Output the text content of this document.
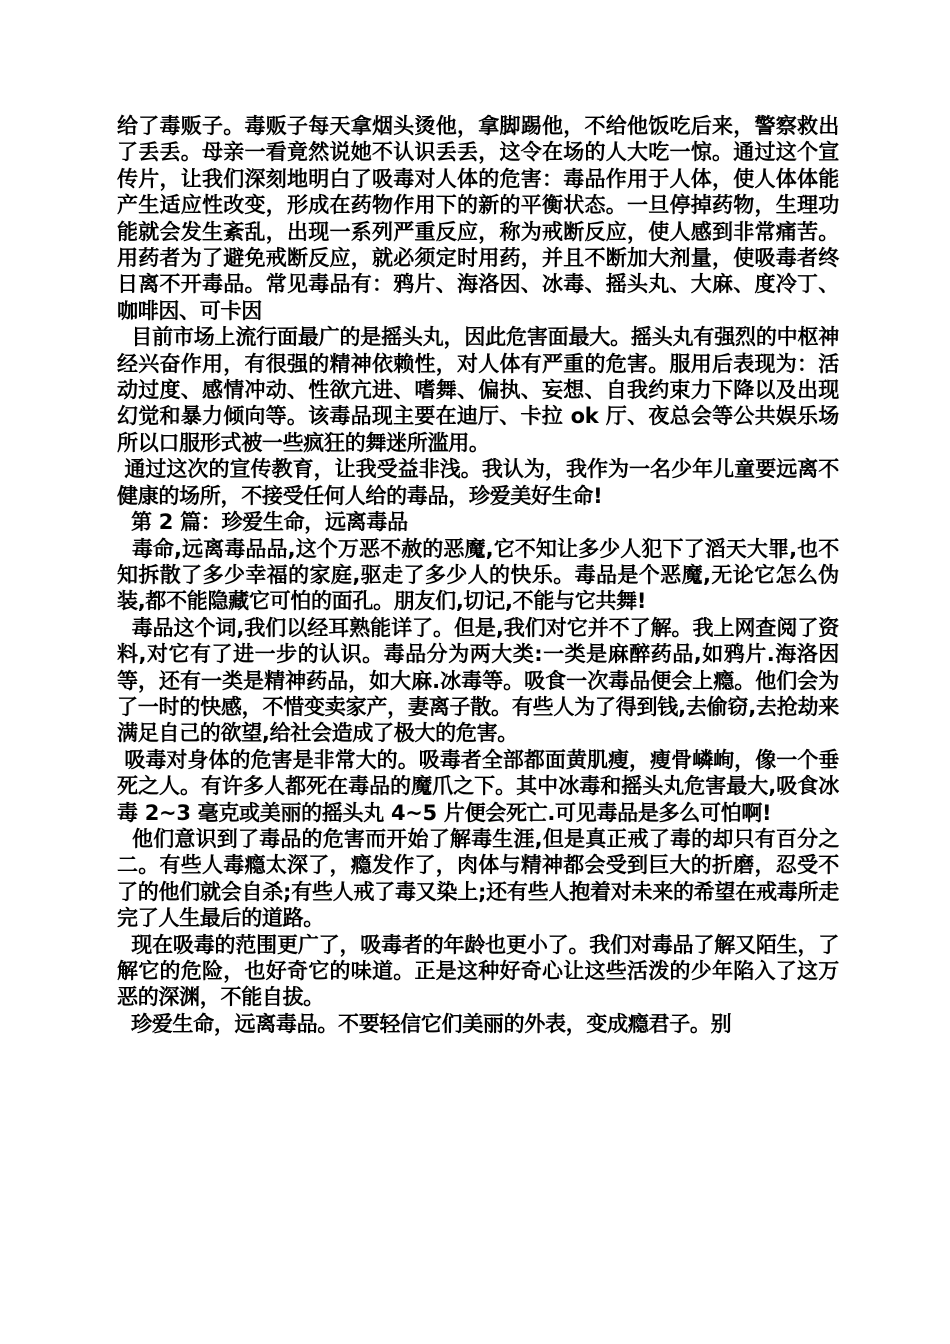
给了毒贩子。毒贩子每天拿烟头烫他，拿脚踢他，不给他饭吃后来，警察救出了丢丢。母亲一看竟然说她不认识丢丢，这令在场的人大吃一惊。通过这个宣传片，让我们深刻地明白了吸毒对人体的危害：毒品作用于人体，使人体体能产生适应性改变，形成在药物作用下的新的平衡状态。一旦停掉药物，生理功能就会发生紊乱，出现一系列严重反应，称为戒断反应，使人感到非常痛苦。用药者为了避免戒断反应，就必须定时用药，并且不断加大剂量，使吸毒者终日离不开毒品。常见毒品有：鸦片、海洛因、冰毒、摇头丸、大麻、度冷丁、咖啡因、可卡因

目前市场上流行面最广的是摇头丸，因此危害面最大。摇头丸有强烈的中枢神经兴奋作用，有很强的精神依赖性，对人体有严重的危害。服用后表现为：活动过度、感情冲动、性欲亢进、嗜舞、偏执、妄想、自我约束力下降以及出现幻觉和暴力倾向等。该毒品现主要在迪厅、卡拉 ok 厅、夜总会等公共娱乐场所以口服形式被一些疯狂的舞迷所滥用。

通过这次的宣传教育，让我受益非浅。我认为，我作为一名少年儿童要远离不健康的场所，不接受任何人给的毒品，珍爱美好生命!

第 2 篇：珍爱生命，远离毒品

毒命,远离毒品品,这个万恶不赦的恶魔,它不知让多少人犯下了滔天大罪,也不知拆散了多少幸福的家庭,驱走了多少人的快乐。毒品是个恶魔,无论它怎么伪装,都不能隐藏它可怕的面孔。朋友们,切记,不能与它共舞!

毒品这个词,我们以经耳熟能详了。但是,我们对它并不了解。我上网查阅了资料,对它有了进一步的认识。毒品分为两大类:一类是麻醉药品,如鸦片.海洛因等，还有一类是精神药品，如大麻.冰毒等。吸食一次毒品便会上瘾。他们会为了一时的快感，不惜变卖家产，妻离子散。有些人为了得到钱,去偷窃,去抢劫来满足自己的欲望,给社会造成了极大的危害。

吸毒对身体的危害是非常大的。吸毒者全部都面黄肌瘦，瘦骨嶙峋，像一个垂死之人。有许多人都死在毒品的魔爪之下。其中冰毒和摇头丸危害最大,吸食冰毒 2~3 毫克或美丽的摇头丸 4~5 片便会死亡.可见毒品是多么可怕啊!

他们意识到了毒品的危害而开始了解毒生涯,但是真正戒了毒的却只有百分之二。有些人毒瘾太深了，瘾发作了，肉体与精神都会受到巨大的折磨，忍受不了的他们就会自杀;有些人戒了毒又染上;还有些人抱着对未来的希望在戒毒所走完了人生最后的道路。

现在吸毒的范围更广了，吸毒者的年龄也更小了。我们对毒品了解又陌生，了解它的危险，也好奇它的味道。正是这种好奇心让这些活泼的少年陷入了这万恶的深渊，不能自拔。

珍爱生命，远离毒品。不要轻信它们美丽的外表，变成瘾君子。别
